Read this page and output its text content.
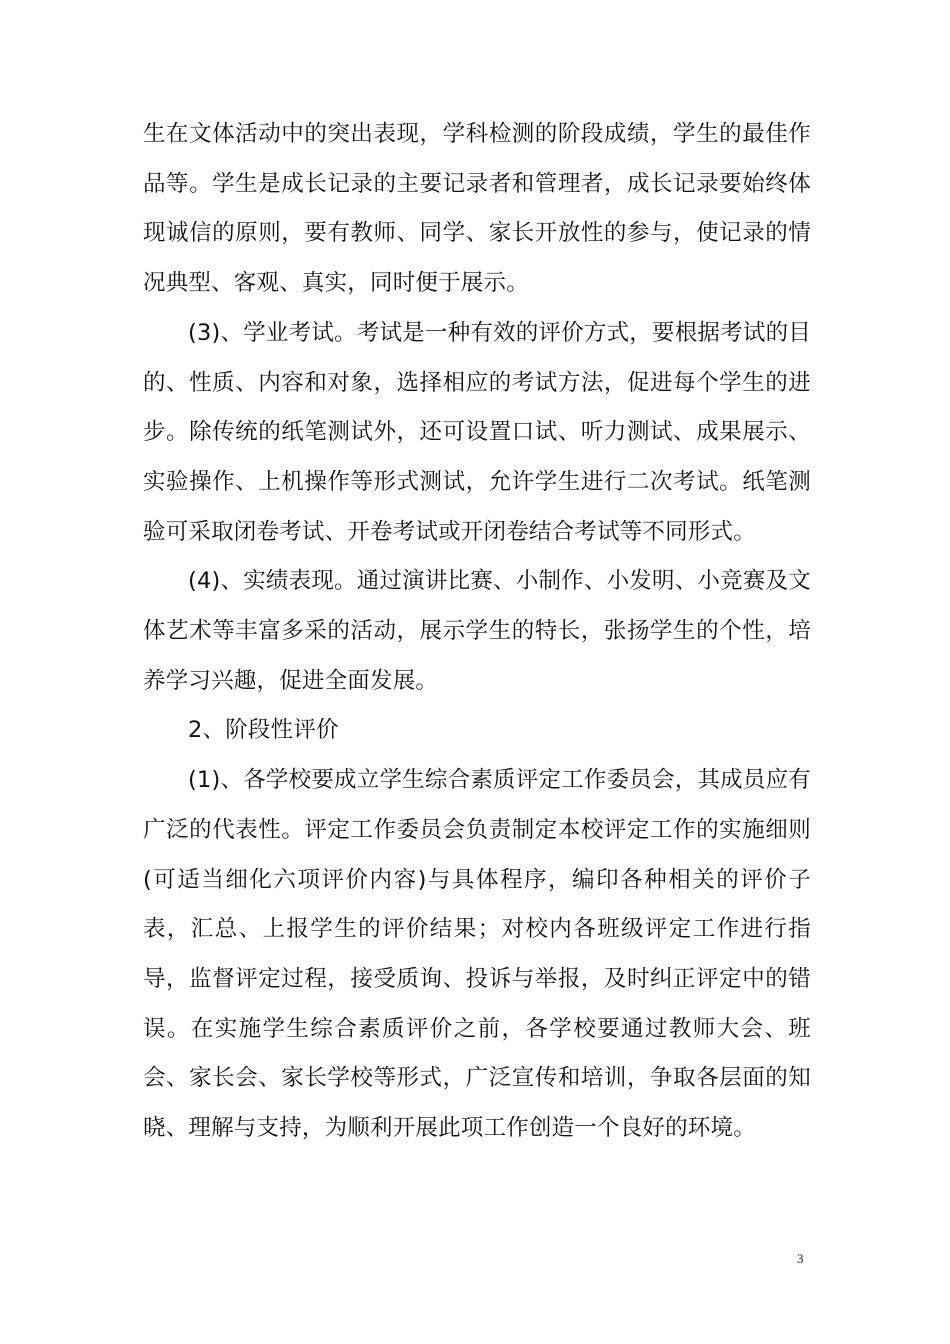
生在文体活动中的突出表现，学科检测的阶段成绩，学生的最佳作品等。学生是成长记录的主要记录者和管理者，成长记录要始终体现诚信的原则，要有教师、同学、家长开放性的参与，使记录的情况典型、客观、真实，同时便于展示。

(3)、学业考试。考试是一种有效的评价方式，要根据考试的目的、性质、内容和对象，选择相应的考试方法，促进每个学生的进步。除传统的纸笔测试外，还可设置口试、听力测试、成果展示、实验操作、上机操作等形式测试，允许学生进行二次考试。纸笔测验可采取闭卷考试、开卷考试或开闭卷结合考试等不同形式。

(4)、实绩表现。通过演讲比赛、小制作、小发明、小竞赛及文体艺术等丰富多采的活动，展示学生的特长，张扬学生的个性，培养学习兴趣，促进全面发展。

2、阶段性评价

(1)、各学校要成立学生综合素质评定工作委员会，其成员应有广泛的代表性。评定工作委员会负责制定本校评定工作的实施细则(可适当细化六项评价内容)与具体程序，编印各种相关的评价子表，汇总、上报学生的评价结果；对校内各班级评定工作进行指导，监督评定过程，接受质询、投诉与举报，及时纠正评定中的错误。在实施学生综合素质评价之前，各学校要通过教师大会、班会、家长会、家长学校等形式，广泛宣传和培训，争取各层面的知晓、理解与支持，为顺利开展此项工作创造一个良好的环境。

3
